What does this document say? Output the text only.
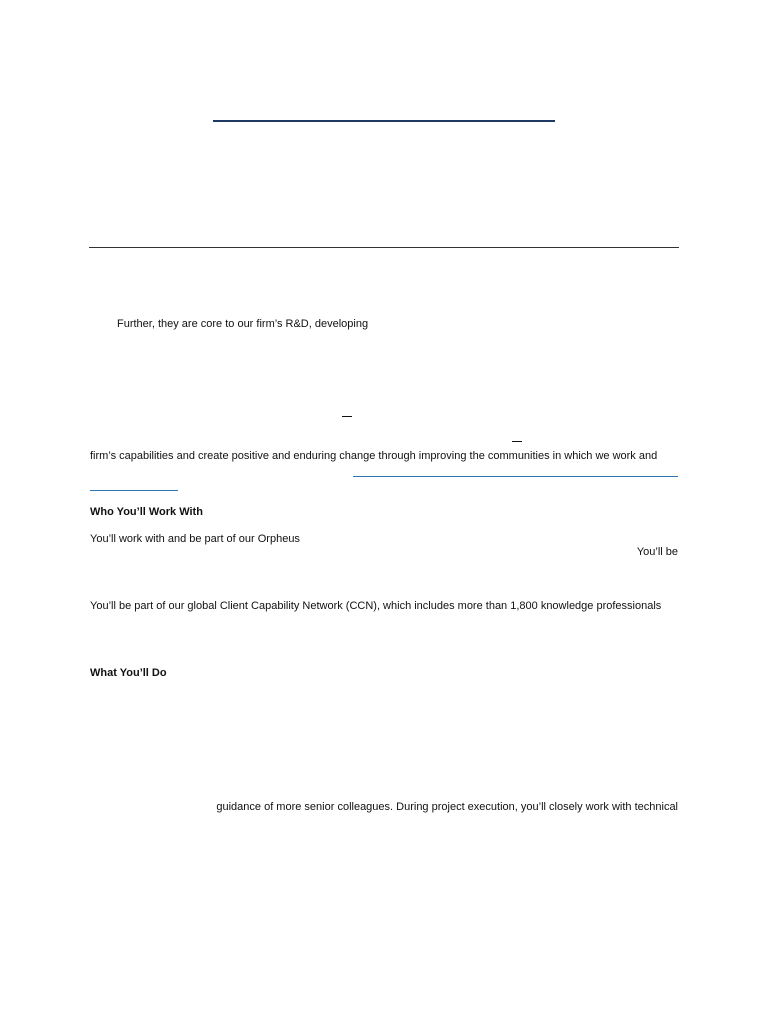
Further, they are core to our firm’s R&D, developing
firm’s capabilities and create positive and enduring change through improving the communities in which we work and
Who You’ll Work With
You’ll work with and be part of our Orpheus
You’ll be
You’ll be part of our global Client Capability Network (CCN), which includes more than 1,800 knowledge professionals
What You’ll Do
guidance of more senior colleagues. During project execution, you’ll closely work with technical
